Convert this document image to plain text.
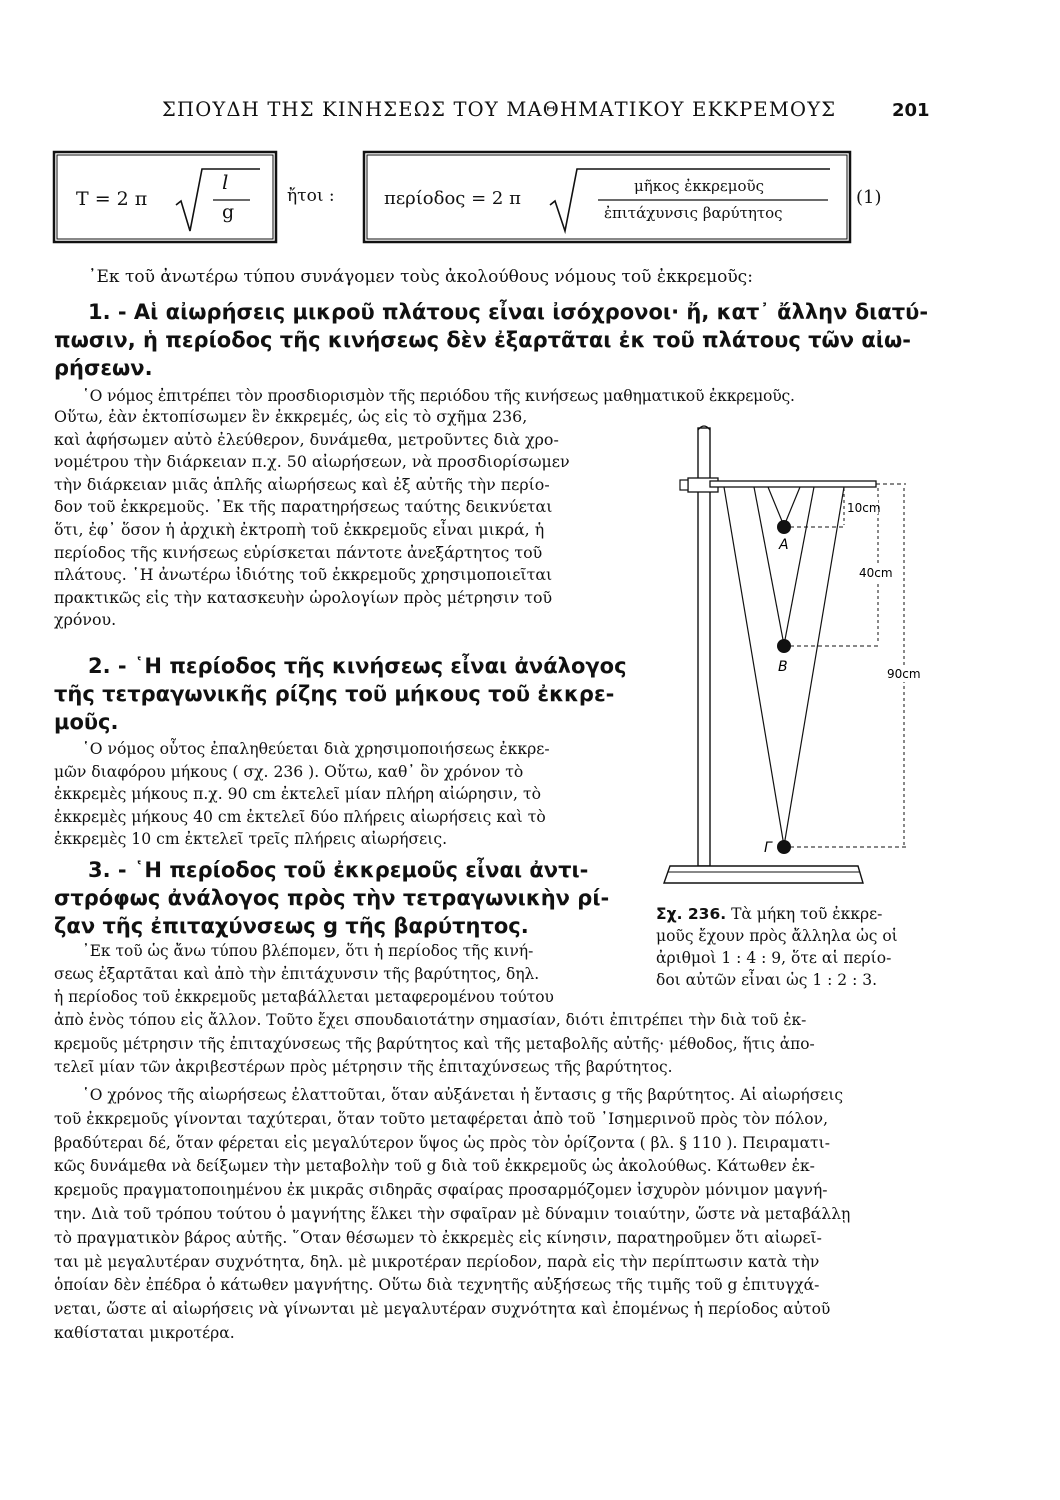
ΣΠΟΥΔΗ ΤΗΣ ΚΙΝΗΣΕΩΣ ΤΟΥ ΜΑΘΗΜΑΤΙΚΟΥ ΕΚΚΡΕΜΟΥΣ	201
T = 2 π
l
g
ἤτοι :	περίοδος = 2 π
μῆκος ἐκκρεμοῦς
ἐπιτάχυνσις βαρύτητος
(1)
᾿Εκ τοῦ ἀνωτέρω τύπου συνάγομεν τοὺς ἀκολούθους νόμους τοῦ ἐκκρεμοῦς:
1. - Αἱ αἰωρήσεις μικροῦ πλάτους εἶναι ἰσόχρονοι· ἤ, κατ᾿ ἄλλην διατύ-
πωσιν, ἡ περίοδος τῆς κινήσεως δὲν ἐξαρτᾶται ἐκ τοῦ πλάτους τῶν αἰω-
ρήσεων.
῾Ο νόμος ἐπιτρέπει τὸν προσδιορισμὸν τῆς περιόδου τῆς κινήσεως μαθηματικοῦ ἐκκρεμοῦς.
Οὕτω, ἐὰν ἐκτοπίσωμεν ἓν ἐκκρεμές, ὡς εἰς τὸ σχῆμα 236,
καὶ ἀφήσωμεν αὐτὸ ἐλεύθερον, δυνάμεθα, μετροῦντες διὰ χρο-
νομέτρου τὴν διάρκειαν π.χ. 50 αἰωρήσεων, νὰ προσδιορίσωμεν
τὴν διάρκειαν μιᾶς ἁπλῆς αἰωρήσεως καὶ ἐξ αὐτῆς τὴν περίο-
δον τοῦ ἐκκρεμοῦς. ᾿Εκ τῆς παρατηρήσεως ταύτης δεικνύεται
ὅτι, ἐφ᾿ ὅσον ἡ ἀρχικὴ ἐκτροπὴ τοῦ ἐκκρεμοῦς εἶναι μικρά, ἡ
περίοδος τῆς κινήσεως εὑρίσκεται πάντοτε ἀνεξάρτητος τοῦ
πλάτους. ῾Η ἀνωτέρω ἰδιότης τοῦ ἐκκρεμοῦς χρησιμοποιεῖται
πρακτικῶς εἰς τὴν κατασκευὴν ὡρολογίων πρὸς μέτρησιν τοῦ
χρόνου.
2. - ῾Η περίοδος τῆς κινήσεως εἶναι ἀνάλογος
τῆς τετραγωνικῆς ρίζης τοῦ μήκους τοῦ ἐκκρε-
μοῦς.
῾Ο νόμος οὗτος ἐπαληθεύεται διὰ χρησιμοποιήσεως ἐκκρε-
μῶν διαφόρου μήκους ( σχ. 236 ). Οὕτω, καθ᾿ ὃν χρόνον τὸ
ἐκκρεμὲς μήκους π.χ. 90 cm ἐκτελεῖ μίαν πλήρη αἰώρησιν, τὸ
ἐκκρεμὲς μήκους 40 cm ἐκτελεῖ δύο πλήρεις αἰωρήσεις καὶ τὸ
ἐκκρεμὲς 10 cm ἐκτελεῖ τρεῖς πλήρεις αἰωρήσεις.
3. - ῾Η περίοδος τοῦ ἐκκρεμοῦς εἶναι ἀντι-
στρόφως ἀνάλογος πρὸς τὴν τετραγωνικὴν ρί-
ζαν τῆς ἐπιταχύνσεως g τῆς βαρύτητος.
᾿Εκ τοῦ ὡς ἄνω τύπου βλέπομεν, ὅτι ἡ περίοδος τῆς κινή-
σεως ἐξαρτᾶται καὶ ἀπὸ τὴν ἐπιτάχυνσιν τῆς βαρύτητος, δηλ.
ἡ περίοδος τοῦ ἐκκρεμοῦς μεταβάλλεται μεταφερομένου τούτου
ἀπὸ ἑνὸς τόπου εἰς ἄλλον. Τοῦτο ἔχει σπουδαιοτάτην σημασίαν, διότι ἐπιτρέπει τὴν διὰ τοῦ ἐκ-
κρεμοῦς μέτρησιν τῆς ἐπιταχύνσεως τῆς βαρύτητος καὶ τῆς μεταβολῆς αὐτῆς· μέθοδος, ἥτις ἀπο-
τελεῖ μίαν τῶν ἀκριβεστέρων πρὸς μέτρησιν τῆς ἐπιταχύνσεως τῆς βαρύτητος.
῾Ο χρόνος τῆς αἰωρήσεως ἐλαττοῦται, ὅταν αὐξάνεται ἡ ἔντασις g τῆς βαρύτητος. Αἱ αἰωρήσεις
τοῦ ἐκκρεμοῦς γίνονται ταχύτεραι, ὅταν τοῦτο μεταφέρεται ἀπὸ τοῦ ᾿Ισημερινοῦ πρὸς τὸν πόλον,
βραδύτεραι δέ, ὅταν φέρεται εἰς μεγαλύτερον ὕψος ὡς πρὸς τὸν ὁρίζοντα ( βλ. § 110 ). Πειραματι-
κῶς δυνάμεθα νὰ δείξωμεν τὴν μεταβολὴν τοῦ g διὰ τοῦ ἐκκρεμοῦς ὡς ἀκολούθως. Κάτωθεν ἐκ-
κρεμοῦς πραγματοποιημένου ἐκ μικρᾶς σιδηρᾶς σφαίρας προσαρμόζομεν ἰσχυρὸν μόνιμον μαγνή-
την. Διὰ τοῦ τρόπου τούτου ὁ μαγνήτης ἕλκει τὴν σφαῖραν μὲ δύναμιν τοιαύτην, ὥστε νὰ μεταβάλλῃ
τὸ πραγματικὸν βάρος αὐτῆς. ῞Οταν θέσωμεν τὸ ἐκκρεμὲς εἰς κίνησιν, παρατηροῦμεν ὅτι αἰωρεῖ-
ται μὲ μεγαλυτέραν συχνότητα, δηλ. μὲ μικροτέραν περίοδον, παρὰ εἰς τὴν περίπτωσιν κατὰ τὴν
ὁποίαν δὲν ἐπέδρα ὁ κάτωθεν μαγνήτης. Οὕτω διὰ τεχνητῆς αὐξήσεως τῆς τιμῆς τοῦ g ἐπιτυγχά-
νεται, ὥστε αἱ αἰωρήσεις νὰ γίνωνται μὲ μεγαλυτέραν συχνότητα καὶ ἐπομένως ἡ περίοδος αὐτοῦ
καθίσταται μικροτέρα.
A
B
Γ
10cm
40cm
90cm
Σχ. 236. Τὰ μήκη τοῦ ἐκκρε-
μοῦς ἔχουν πρὸς ἄλληλα ὡς οἱ
ἀριθμοὶ 1 : 4 : 9, ὅτε αἱ περίο-
δοι αὐτῶν εἶναι ὡς 1 : 2 : 3.
